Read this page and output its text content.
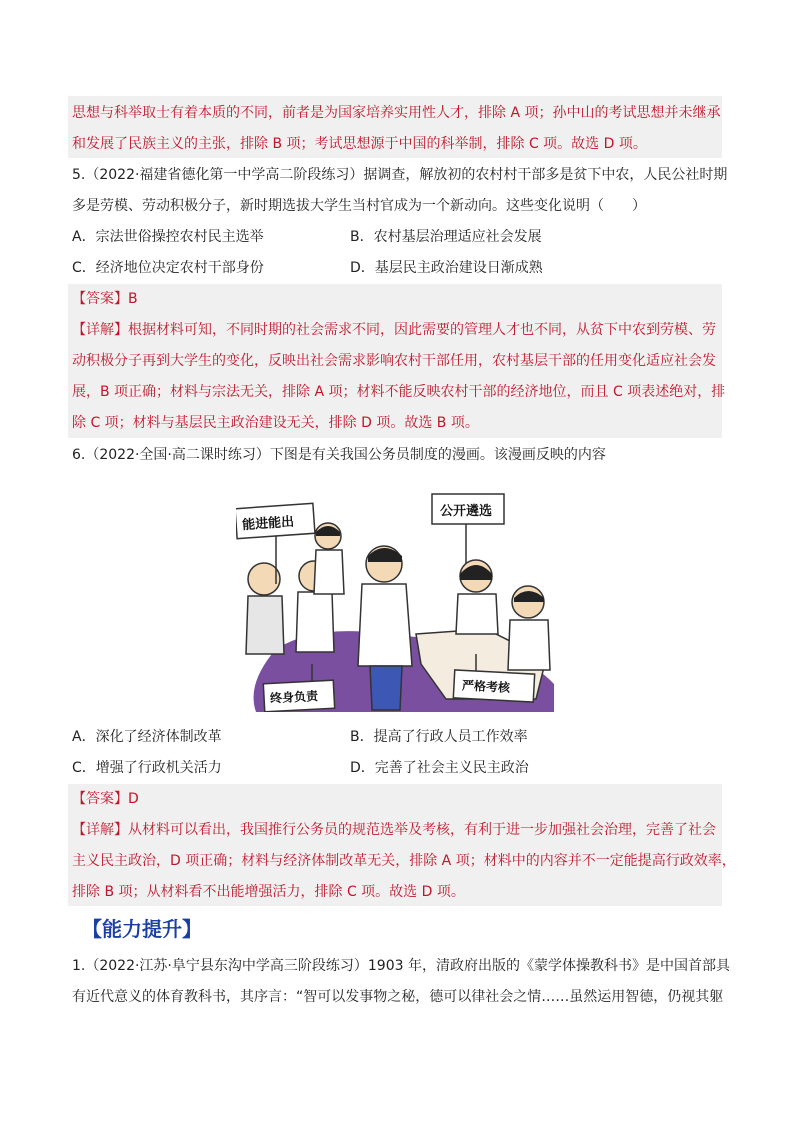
思想与科举取士有着本质的不同，前者是为国家培养实用性人才，排除 A 项；孙中山的考试思想并未继承
和发展了民族主义的主张，排除 B 项；考试思想源于中国的科举制，排除 C 项。故选 D 项。
5.（2022·福建省德化第一中学高二阶段练习）据调查，解放初的农村村干部多是贫下中农，人民公社时期
多是劳模、劳动积极分子，新时期选拔大学生当村官成为一个新动向。这些变化说明（　　）
A．宗法世俗操控农村民主选举	B．农村基层治理适应社会发展
C．经济地位决定农村干部身份	D．基层民主政治建设日渐成熟
【答案】B
【详解】根据材料可知，不同时期的社会需求不同，因此需要的管理人才也不同，从贫下中农到劳模、劳
动积极分子再到大学生的变化，反映出社会需求影响农村干部任用，农村基层干部的任用变化适应社会发
展，B 项正确；材料与宗法无关，排除 A 项；材料不能反映农村干部的经济地位，而且 C 项表述绝对，排
除 C 项；材料与基层民主政治建设无关，排除 D 项。故选 B 项。
6.（2022·全国·高二课时练习）下图是有关我国公务员制度的漫画。该漫画反映的内容
能进能出
公开遴选
终身负责
严格考核
A．深化了经济体制改革	B．提高了行政人员工作效率
C．增强了行政机关活力	D．完善了社会主义民主政治
【答案】D
【详解】从材料可以看出，我国推行公务员的规范选举及考核，有利于进一步加强社会治理，完善了社会
主义民主政治，D 项正确；材料与经济体制改革无关，排除 A 项；材料中的内容并不一定能提高行政效率，
排除 B 项；从材料看不出能增强活力，排除 C 项。故选 D 项。
【能力提升】
1.（2022·江苏·阜宁县东沟中学高三阶段练习）1903 年，清政府出版的《蒙学体操教科书》是中国首部具
有近代意义的体育教科书，其序言：“智可以发事物之秘，德可以律社会之情……虽然运用智德，仍视其躯
